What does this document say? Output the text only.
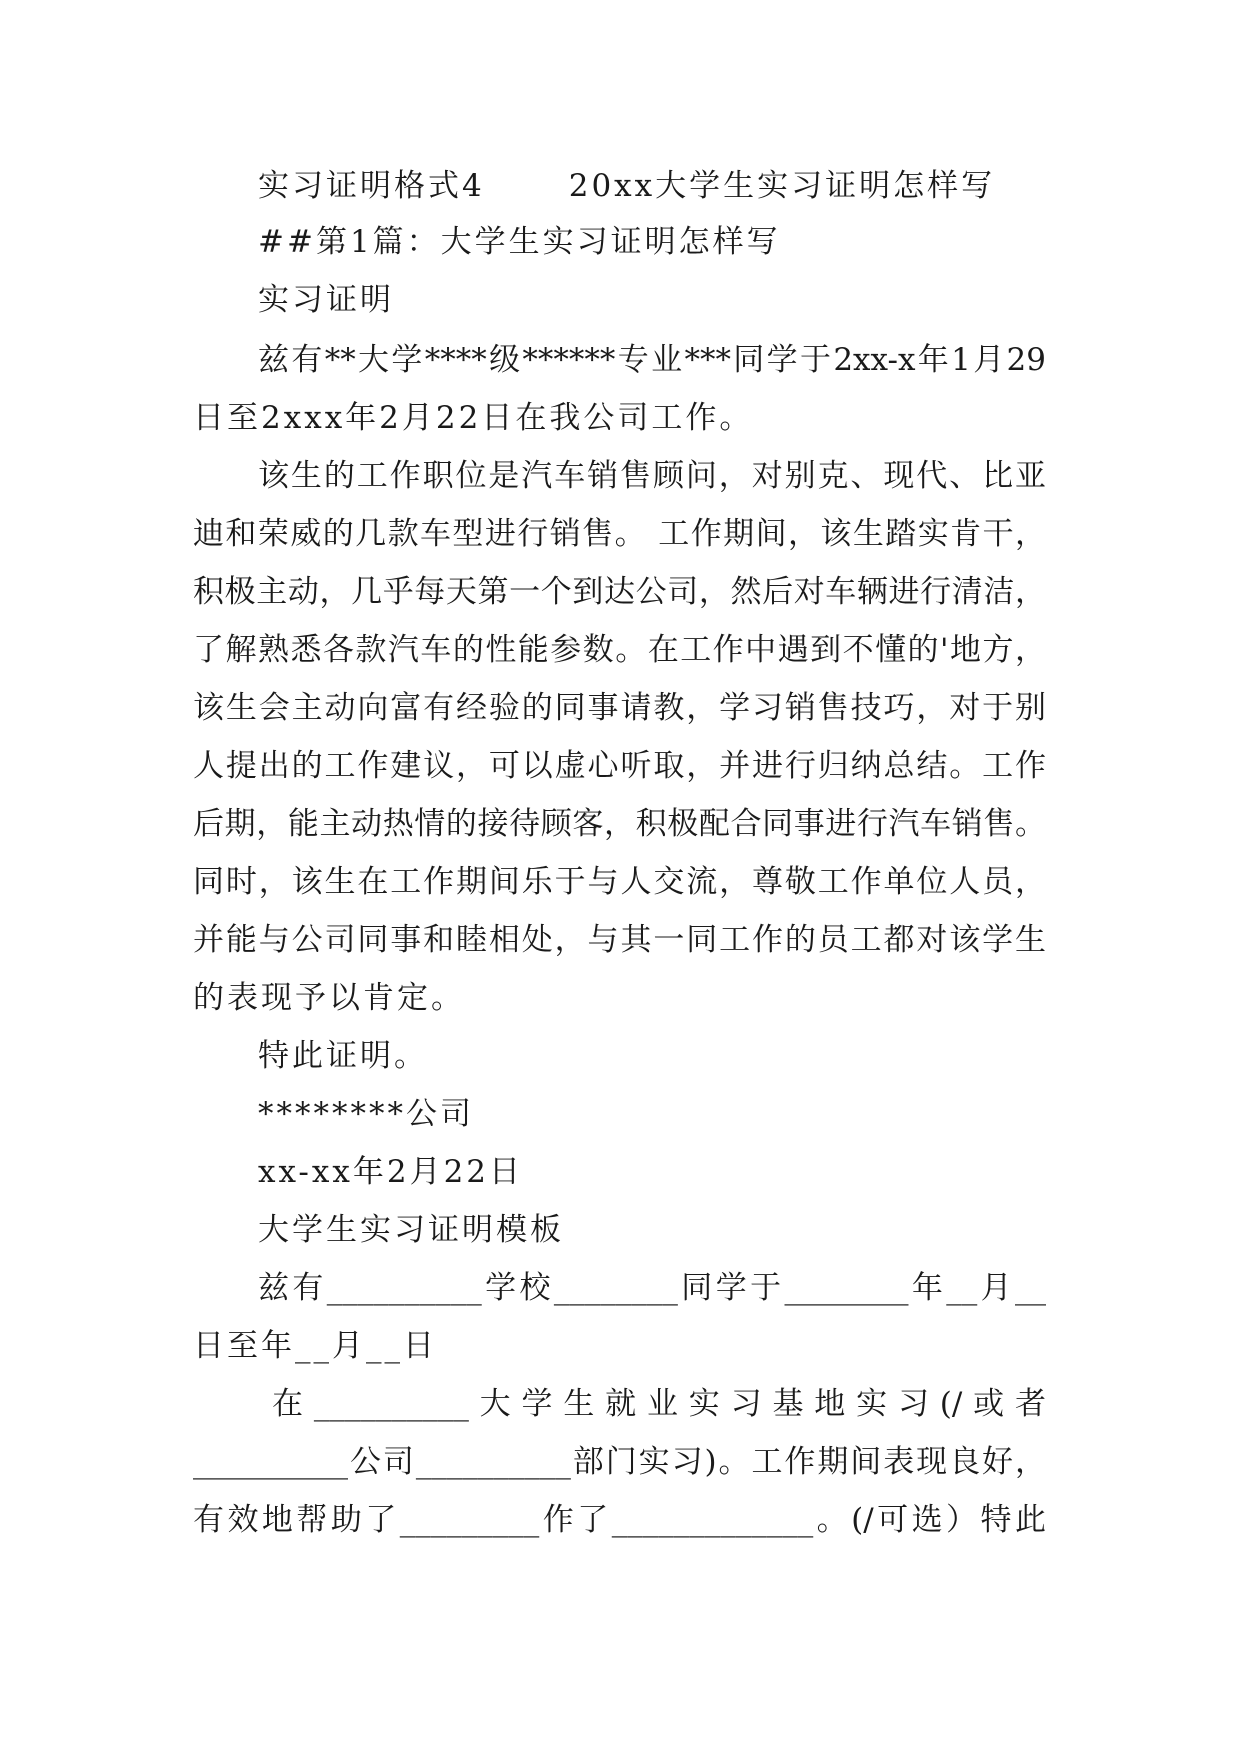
实习证明格式4	20xx大学生实习证明怎样写
##第1篇：大学生实习证明怎样写
实习证明
兹有**大学****级******专业***同学于2xx-x年1月29
日至2xxx年2月22日在我公司工作。
该生的工作职位是汽车销售顾问，对别克、现代、比亚
迪和荣威的几款车型进行销售。 工作期间，该生踏实肯干，
积极主动，几乎每天第一个到达公司，然后对车辆进行清洁，
了解熟悉各款汽车的性能参数。在工作中遇到不懂的'地方，
该生会主动向富有经验的同事请教，学习销售技巧，对于别
人提出的工作建议，可以虚心听取，并进行归纳总结。工作
后期，能主动热情的接待顾客，积极配合同事进行汽车销售。
同时，该生在工作期间乐于与人交流，尊敬工作单位人员，
并能与公司同事和睦相处，与其一同工作的员工都对该学生
的表现予以肯定。
特此证明。
********公司
xx-xx年2月22日
大学生实习证明模板
兹有__________学校________同学于________年__月__
日至年__月__日
在__________大学生就业实习基地实习(/或者
__________公司__________部门实习)。工作期间表现良好，
有效地帮助了_________作了_____________。(/可选）特此
